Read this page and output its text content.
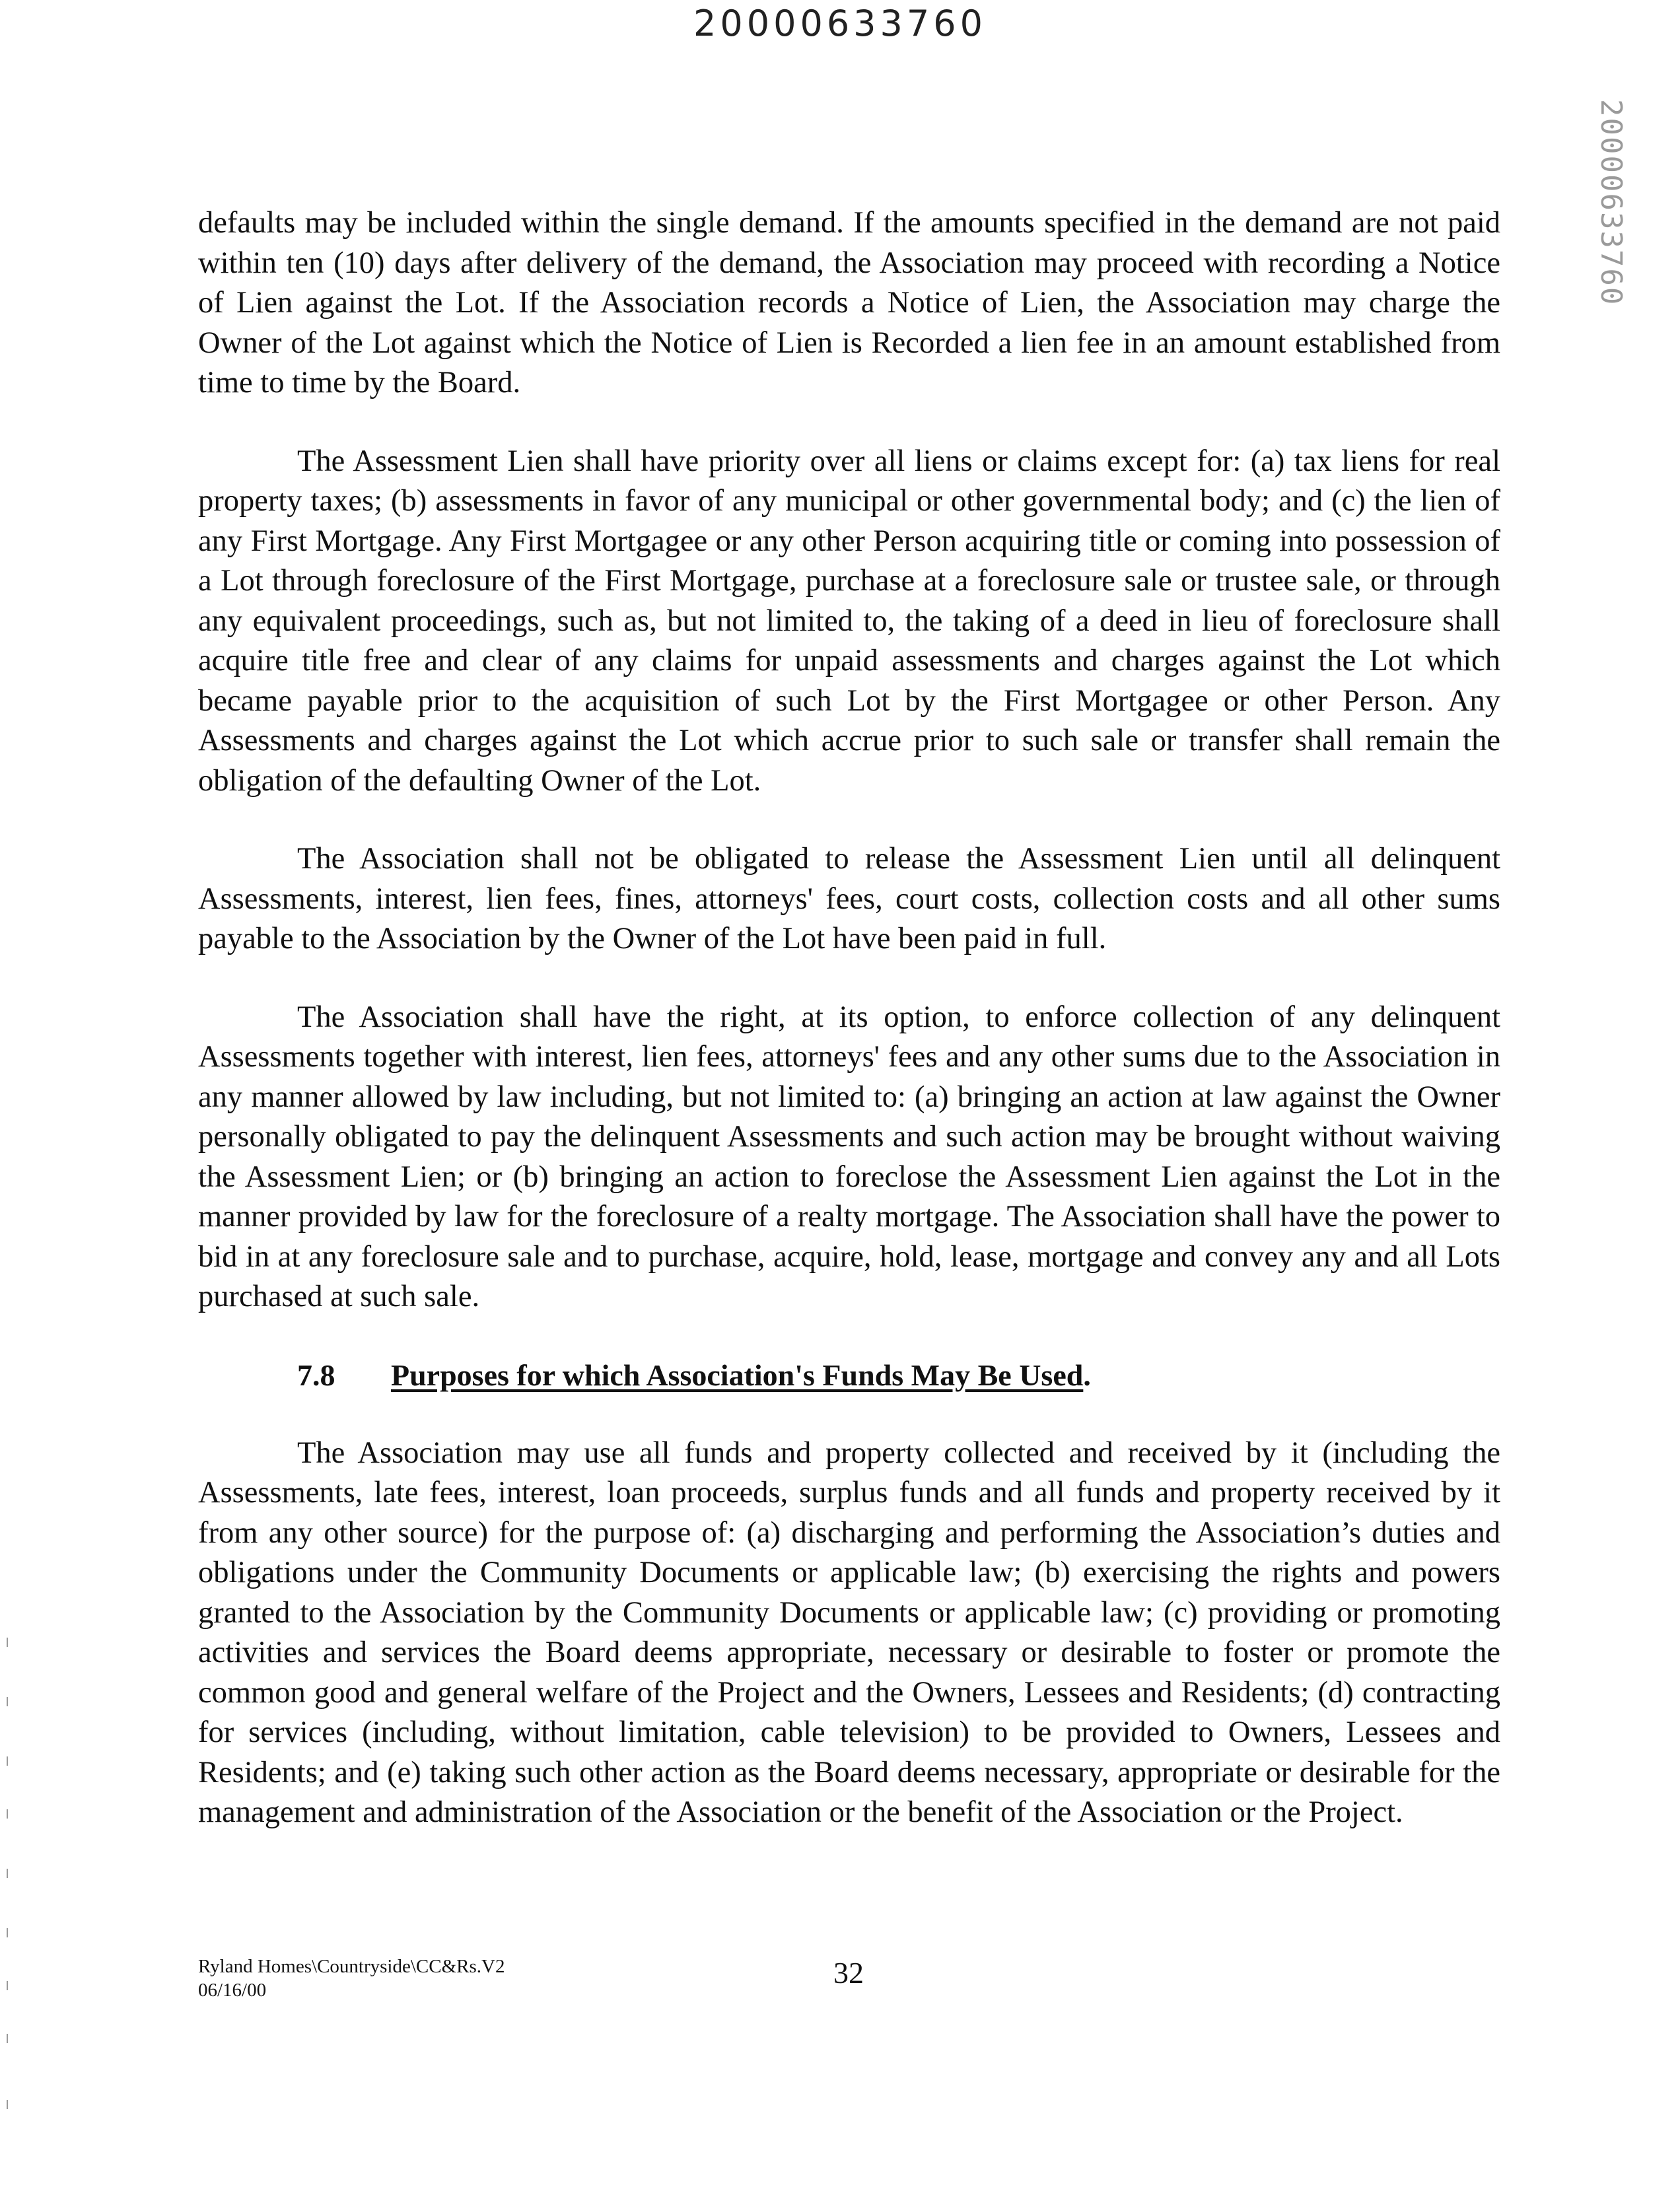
20000633760
20000633760

defaults may be included within the single demand. If the amounts specified in the demand are not paid within ten (10) days after delivery of the demand, the Association may proceed with recording a Notice of Lien against the Lot. If the Association records a Notice of Lien, the Association may charge the Owner of the Lot against which the Notice of Lien is Recorded a lien fee in an amount established from time to time by the Board.

The Assessment Lien shall have priority over all liens or claims except for: (a) tax liens for real property taxes; (b) assessments in favor of any municipal or other governmental body; and (c) the lien of any First Mortgage. Any First Mortgagee or any other Person acquiring title or coming into possession of a Lot through foreclosure of the First Mortgage, purchase at a foreclosure sale or trustee sale, or through any equivalent proceedings, such as, but not limited to, the taking of a deed in lieu of foreclosure shall acquire title free and clear of any claims for unpaid assessments and charges against the Lot which became payable prior to the acquisition of such Lot by the First Mortgagee or other Person. Any Assessments and charges against the Lot which accrue prior to such sale or transfer shall remain the obligation of the defaulting Owner of the Lot.

The Association shall not be obligated to release the Assessment Lien until all delinquent Assessments, interest, lien fees, fines, attorneys' fees, court costs, collection costs and all other sums payable to the Association by the Owner of the Lot have been paid in full.

The Association shall have the right, at its option, to enforce collection of any delinquent Assessments together with interest, lien fees, attorneys' fees and any other sums due to the Association in any manner allowed by law including, but not limited to: (a) bringing an action at law against the Owner personally obligated to pay the delinquent Assessments and such action may be brought without waiving the Assessment Lien; or (b) bringing an action to foreclose the Assessment Lien against the Lot in the manner provided by law for the foreclosure of a realty mortgage. The Association shall have the power to bid in at any foreclosure sale and to purchase, acquire, hold, lease, mortgage and convey any and all Lots purchased at such sale.

7.8	Purposes for which Association's Funds May Be Used.

The Association may use all funds and property collected and received by it (including the Assessments, late fees, interest, loan proceeds, surplus funds and all funds and property received by it from any other source) for the purpose of: (a) discharging and performing the Association’s duties and obligations under the Community Documents or applicable law; (b) exercising the rights and powers granted to the Association by the Community Documents or applicable law; (c) providing or promoting activities and services the Board deems appropriate, necessary or desirable to foster or promote the common good and general welfare of the Project and the Owners, Lessees and Residents; (d) contracting for services (including, without limitation, cable television) to be provided to Owners, Lessees and Residents; and (e) taking such other action as the Board deems necessary, appropriate or desirable for the management and administration of the Association or the benefit of the Association or the Project.

Ryland Homes\Countryside\CC&Rs.V2
06/16/00
32
